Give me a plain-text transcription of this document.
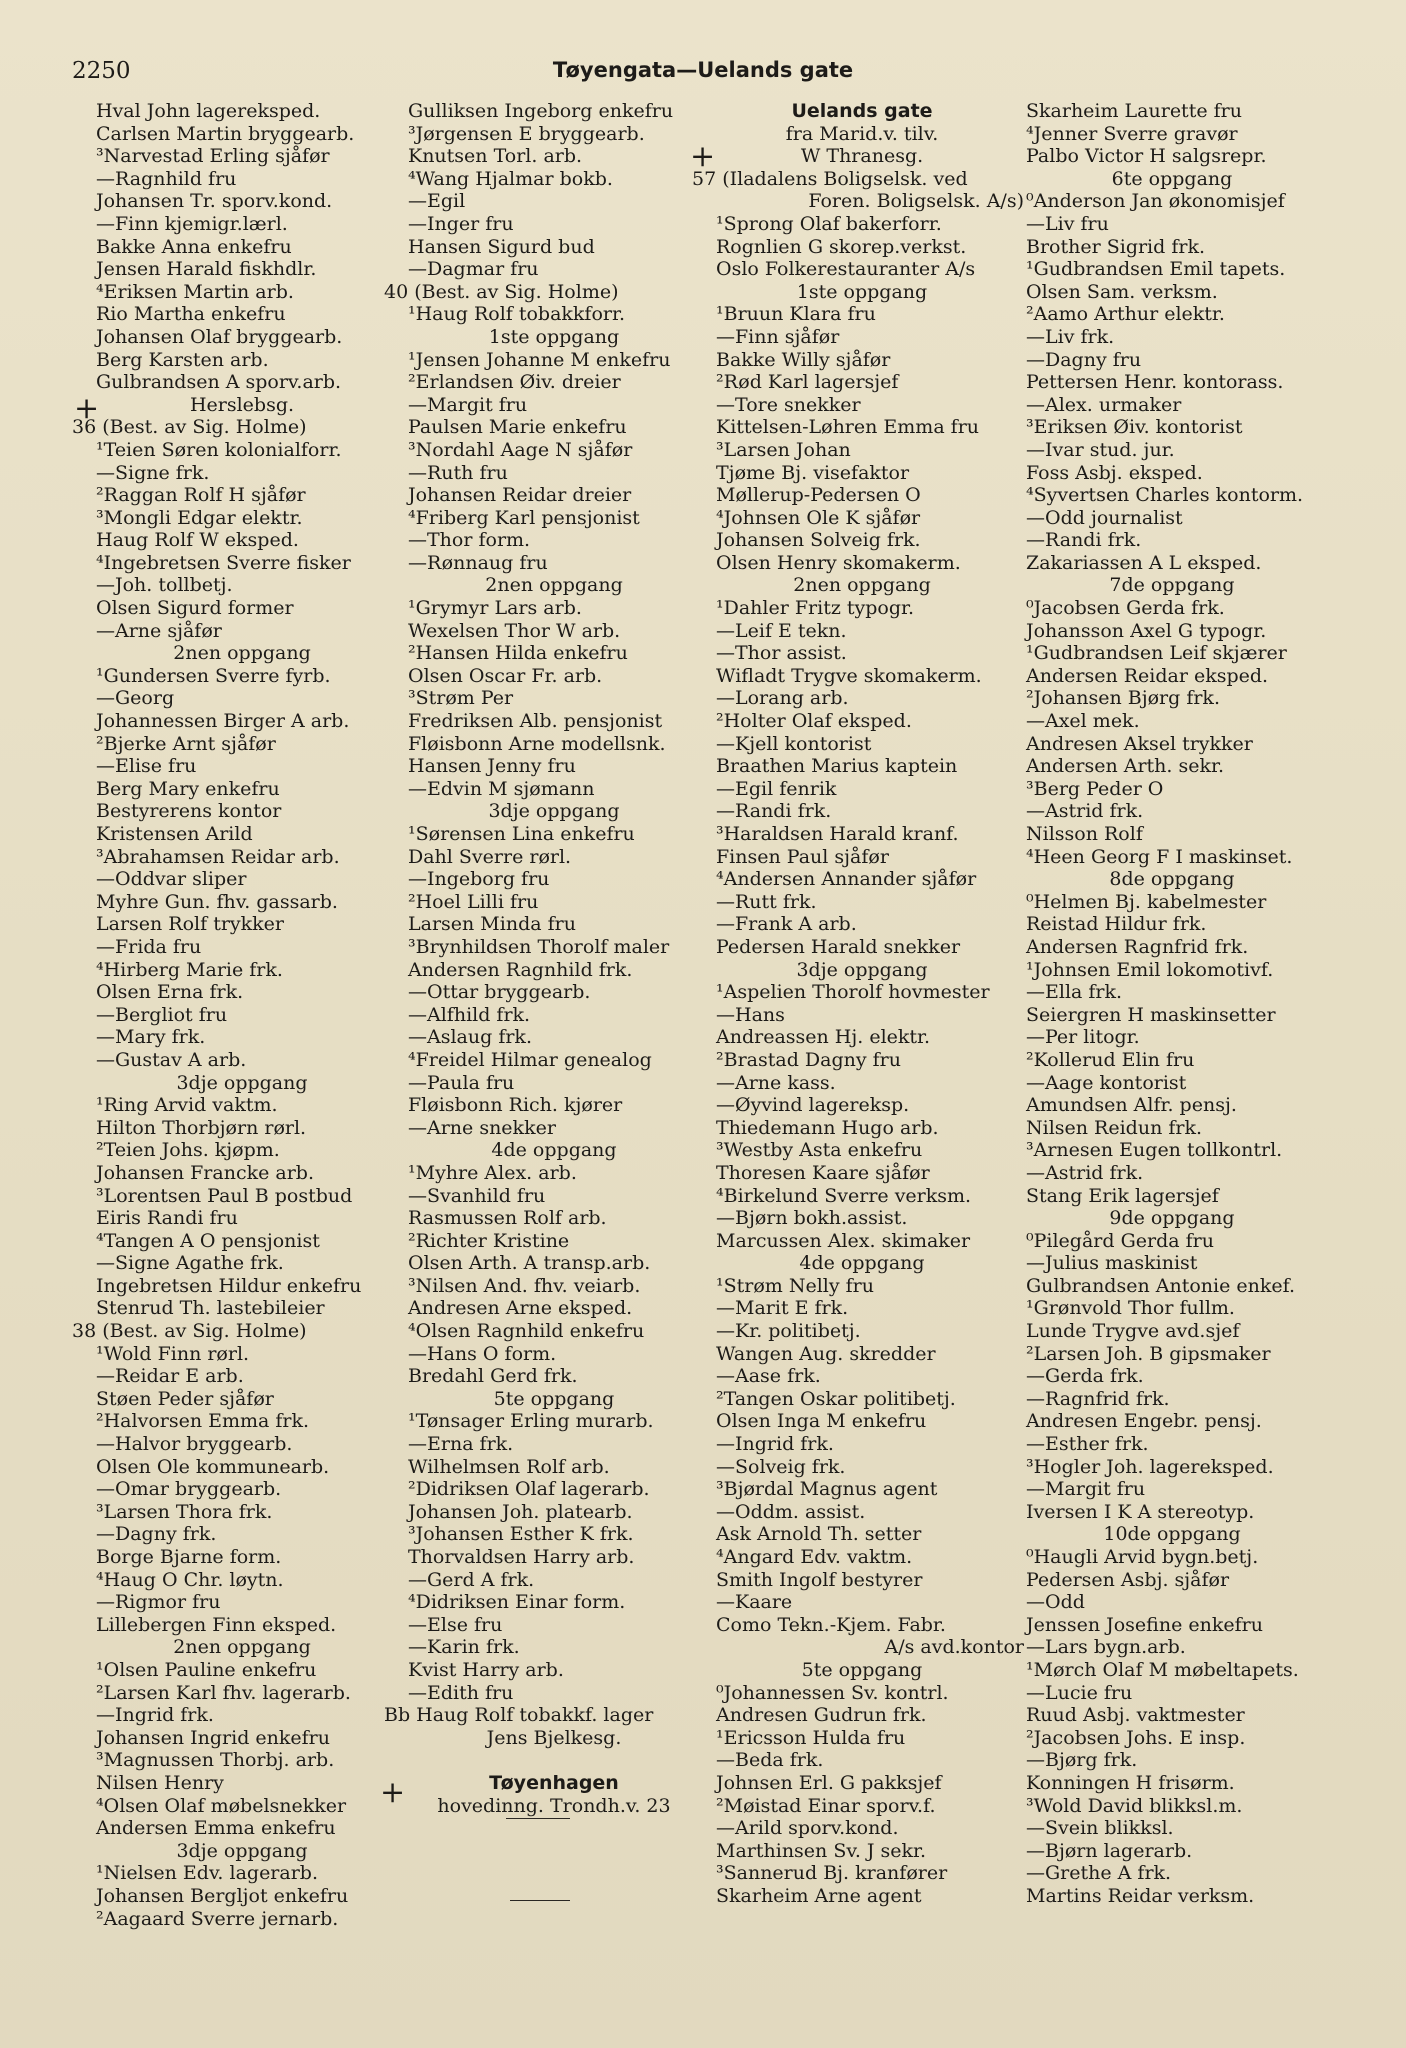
2250	Tøyengata—Uelands gate
Hval John lagereksped.
Carlsen Martin bryggearb.
³Narvestad Erling sjåfør
—Ragnhild fru
Johansen Tr. sporv.kond.
—Finn kjemigr.lærl.
Bakke Anna enkefru
Jensen Harald fiskhdlr.
⁴Eriksen Martin arb.
Rio Martha enkefru
Johansen Olaf bryggearb.
Berg Karsten arb.
Gulbrandsen A sporv.arb.
Herslebsg.
36 (Best. av Sig. Holme)
¹Teien Søren kolonialforr.
—Signe frk.
²Raggan Rolf H sjåfør
³Mongli Edgar elektr.
Haug Rolf W eksped.
⁴Ingebretsen Sverre fisker
—Joh. tollbetj.
Olsen Sigurd former
—Arne sjåfør
2nen oppgang
¹Gundersen Sverre fyrb.
—Georg
Johannessen Birger A arb.
²Bjerke Arnt sjåfør
—Elise fru
Berg Mary enkefru
Bestyrerens kontor
Kristensen Arild
³Abrahamsen Reidar arb.
—Oddvar sliper
Myhre Gun. fhv. gassarb.
Larsen Rolf trykker
—Frida fru
⁴Hirberg Marie frk.
Olsen Erna frk.
—Bergliot fru
—Mary frk.
—Gustav A arb.
3dje oppgang
¹Ring Arvid vaktm.
Hilton Thorbjørn rørl.
²Teien Johs. kjøpm.
Johansen Francke arb.
³Lorentsen Paul B postbud
Eiris Randi fru
⁴Tangen A O pensjonist
—Signe Agathe frk.
Ingebretsen Hildur enkefru
Stenrud Th. lastebileier
38 (Best. av Sig. Holme)
¹Wold Finn rørl.
—Reidar E arb.
Støen Peder sjåfør
²Halvorsen Emma frk.
—Halvor bryggearb.
Olsen Ole kommunearb.
—Omar bryggearb.
³Larsen Thora frk.
—Dagny frk.
Borge Bjarne form.
⁴Haug O Chr. løytn.
—Rigmor fru
Lillebergen Finn eksped.
2nen oppgang
¹Olsen Pauline enkefru
²Larsen Karl fhv. lagerarb.
—Ingrid frk.
Johansen Ingrid enkefru
³Magnussen Thorbj. arb.
Nilsen Henry
⁴Olsen Olaf møbelsnekker
Andersen Emma enkefru
3dje oppgang
¹Nielsen Edv. lagerarb.
Johansen Bergljot enkefru
²Aagaard Sverre jernarb.
Gulliksen Ingeborg enkefru
³Jørgensen E bryggearb.
Knutsen Torl. arb.
⁴Wang Hjalmar bokb.
—Egil
—Inger fru
Hansen Sigurd bud
—Dagmar fru
40 (Best. av Sig. Holme)
¹Haug Rolf tobakkforr.
1ste oppgang
¹Jensen Johanne M enkefru
²Erlandsen Øiv. dreier
—Margit fru
Paulsen Marie enkefru
³Nordahl Aage N sjåfør
—Ruth fru
Johansen Reidar dreier
⁴Friberg Karl pensjonist
—Thor form.
—Rønnaug fru
2nen oppgang
¹Grymyr Lars arb.
Wexelsen Thor W arb.
²Hansen Hilda enkefru
Olsen Oscar Fr. arb.
³Strøm Per
Fredriksen Alb. pensjonist
Fløisbonn Arne modellsnk.
Hansen Jenny fru
—Edvin M sjømann
3dje oppgang
¹Sørensen Lina enkefru
Dahl Sverre rørl.
—Ingeborg fru
²Hoel Lilli fru
Larsen Minda fru
³Brynhildsen Thorolf maler
Andersen Ragnhild frk.
—Ottar bryggearb.
—Alfhild frk.
—Aslaug frk.
⁴Freidel Hilmar genealog
—Paula fru
Fløisbonn Rich. kjører
—Arne snekker
4de oppgang
¹Myhre Alex. arb.
—Svanhild fru
Rasmussen Rolf arb.
²Richter Kristine
Olsen Arth. A transp.arb.
³Nilsen And. fhv. veiarb.
Andresen Arne eksped.
⁴Olsen Ragnhild enkefru
—Hans O form.
Bredahl Gerd frk.
5te oppgang
¹Tønsager Erling murarb.
—Erna frk.
Wilhelmsen Rolf arb.
²Didriksen Olaf lagerarb.
Johansen Joh. platearb.
³Johansen Esther K frk.
Thorvaldsen Harry arb.
—Gerd A frk.
⁴Didriksen Einar form.
—Else fru
—Karin frk.
Kvist Harry arb.
—Edith fru
Bb Haug Rolf tobakkf. lager
Jens Bjelkesg.
Tøyenhagen
hovedinng. Trondh.v. 23
Uelands gate
fra Marid.v. tilv.
W Thranesg.
57 (Iladalens Boligselsk. ved
Foren. Boligselsk. A/s)
¹Sprong Olaf bakerforr.
Rognlien G skorep.verkst.
Oslo Folkerestauranter A/s
1ste oppgang
¹Bruun Klara fru
—Finn sjåfør
Bakke Willy sjåfør
²Rød Karl lagersjef
—Tore snekker
Kittelsen-Løhren Emma fru
³Larsen Johan
Tjøme Bj. visefaktor
Møllerup-Pedersen O
⁴Johnsen Ole K sjåfør
Johansen Solveig frk.
Olsen Henry skomakerm.
2nen oppgang
¹Dahler Fritz typogr.
—Leif E tekn.
—Thor assist.
Wifladt Trygve skomakerm.
—Lorang arb.
²Holter Olaf eksped.
—Kjell kontorist
Braathen Marius kaptein
—Egil fenrik
—Randi frk.
³Haraldsen Harald kranf.
Finsen Paul sjåfør
⁴Andersen Annander sjåfør
—Rutt frk.
—Frank A arb.
Pedersen Harald snekker
3dje oppgang
¹Aspelien Thorolf hovmester
—Hans
Andreassen Hj. elektr.
²Brastad Dagny fru
—Arne kass.
—Øyvind lagereksp.
Thiedemann Hugo arb.
³Westby Asta enkefru
Thoresen Kaare sjåfør
⁴Birkelund Sverre verksm.
—Bjørn bokh.assist.
Marcussen Alex. skimaker
4de oppgang
¹Strøm Nelly fru
—Marit E frk.
—Kr. politibetj.
Wangen Aug. skredder
—Aase frk.
²Tangen Oskar politibetj.
Olsen Inga M enkefru
—Ingrid frk.
—Solveig frk.
³Bjørdal Magnus agent
—Oddm. assist.
Ask Arnold Th. setter
⁴Angard Edv. vaktm.
Smith Ingolf bestyrer
—Kaare
Como Tekn.-Kjem. Fabr.
A/s avd.kontor
5te oppgang
⁰Johannessen Sv. kontrl.
Andresen Gudrun frk.
¹Ericsson Hulda fru
—Beda frk.
Johnsen Erl. G pakksjef
²Møistad Einar sporv.f.
—Arild sporv.kond.
Marthinsen Sv. J sekr.
³Sannerud Bj. kranfører
Skarheim Arne agent
Skarheim Laurette fru
⁴Jenner Sverre gravør
Palbo Victor H salgsrepr.
6te oppgang
⁰Anderson Jan økonomisjef
—Liv fru
Brother Sigrid frk.
¹Gudbrandsen Emil tapets.
Olsen Sam. verksm.
²Aamo Arthur elektr.
—Liv frk.
—Dagny fru
Pettersen Henr. kontorass.
—Alex. urmaker
³Eriksen Øiv. kontorist
—Ivar stud. jur.
Foss Asbj. eksped.
⁴Syvertsen Charles kontorm.
—Odd journalist
—Randi frk.
Zakariassen A L eksped.
7de oppgang
⁰Jacobsen Gerda frk.
Johansson Axel G typogr.
¹Gudbrandsen Leif skjærer
Andersen Reidar eksped.
²Johansen Bjørg frk.
—Axel mek.
Andresen Aksel trykker
Andersen Arth. sekr.
³Berg Peder O
—Astrid frk.
Nilsson Rolf
⁴Heen Georg F I maskinset.
8de oppgang
⁰Helmen Bj. kabelmester
Reistad Hildur frk.
Andersen Ragnfrid frk.
¹Johnsen Emil lokomotivf.
—Ella frk.
Seiergren H maskinsetter
—Per litogr.
²Kollerud Elin fru
—Aage kontorist
Amundsen Alfr. pensj.
Nilsen Reidun frk.
³Arnesen Eugen tollkontrl.
—Astrid frk.
Stang Erik lagersjef
9de oppgang
⁰Pilegård Gerda fru
—Julius maskinist
Gulbrandsen Antonie enkef.
¹Grønvold Thor fullm.
Lunde Trygve avd.sjef
²Larsen Joh. B gipsmaker
—Gerda frk.
—Ragnfrid frk.
Andresen Engebr. pensj.
—Esther frk.
³Hogler Joh. lagereksped.
—Margit fru
Iversen I K A stereotyp.
10de oppgang
⁰Haugli Arvid bygn.betj.
Pedersen Asbj. sjåfør
—Odd
Jenssen Josefine enkefru
—Lars bygn.arb.
¹Mørch Olaf M møbeltapets.
—Lucie fru
Ruud Asbj. vaktmester
²Jacobsen Johs. E insp.
—Bjørg frk.
Konningen H frisørm.
³Wold David blikksl.m.
—Svein blikksl.
—Bjørn lagerarb.
—Grethe A frk.
Martins Reidar verksm.
+
+
+
